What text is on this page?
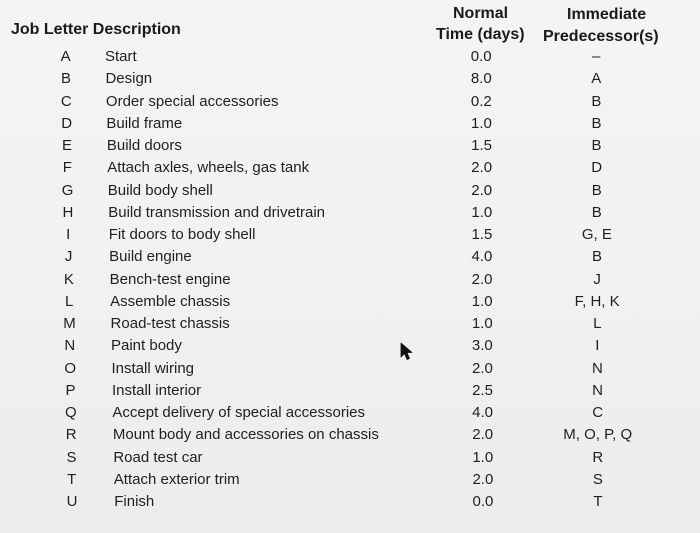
Job Letter Description
Normal
Time (days)
Immediate
Predecessor(s)
A Start	0.0	–
B Design	8.0	A
C Order special accessories	0.2	B
D Build frame	1.0	B
E Build doors	1.5	B
F Attach axles, wheels, gas tank	2.0	D
G Build body shell	2.0	B
H Build transmission and drivetrain	1.0	B
I	Fit doors to body shell	1.5	G, E
J	Build engine	4.0	B
K Bench-test engine	2.0	J
L	Assemble chassis	1.0	F, H, K
M Road-test chassis	1.0	L
N Paint body	3.0	I
O Install wiring	2.0	N
P Install interior	2.5	N
Q Accept delivery of special accessories	4.0	C
R Mount body and accessories on chassis	2.0	M, O, P, Q
S Road test car	1.0	R
T Attach exterior trim	2.0	S
U Finish	0.0	T
